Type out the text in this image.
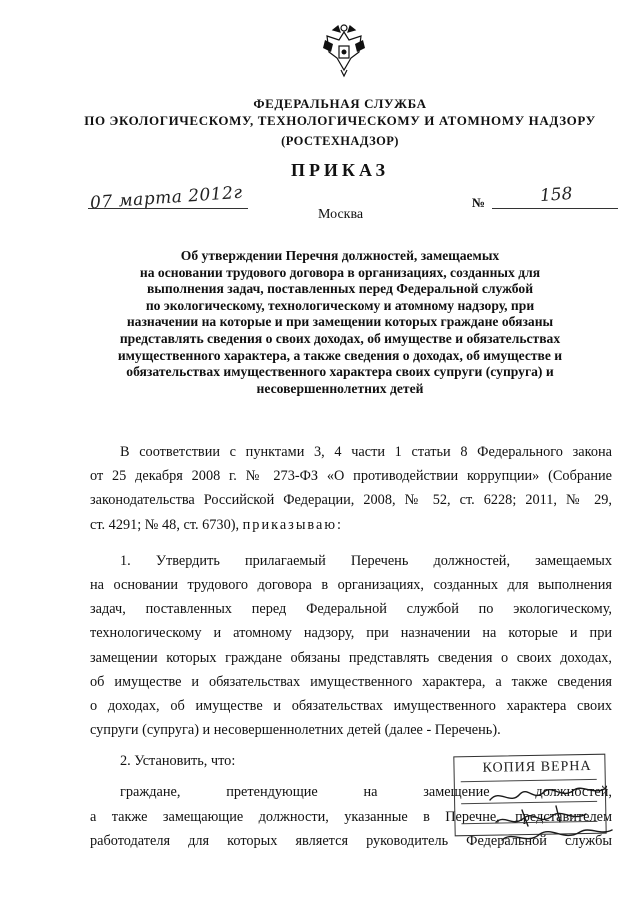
ФЕДЕРАЛЬНАЯ СЛУЖБА
ПО ЭКОЛОГИЧЕСКОМУ, ТЕХНОЛОГИЧЕСКОМУ И АТОМНОМУ НАДЗОРУ
(РОСТЕХНАДЗОР)
ПРИКАЗ
07 марта 2012г	№	158
Москва
Об утверждении Перечня должностей, замещаемых
на основании трудового договора в организациях, созданных для
выполнения задач, поставленных перед Федеральной службой
по экологическому, технологическому и атомному надзору, при
назначении на которые и при замещении которых граждане обязаны
представлять сведения о своих доходах, об имуществе и обязательствах
имущественного характера, а также сведения о доходах, об имуществе и
обязательствах имущественного характера своих супруги (супруга) и
несовершеннолетних детей
В соответствии с пунктами 3, 4 части 1 статьи 8 Федерального закона
от 25 декабря 2008 г. № 273-ФЗ «О противодействии коррупции» (Собрание
законодательства Российской Федерации, 2008, № 52, ст. 6228; 2011, № 29,
ст. 4291; № 48, ст. 6730), приказываю:
1. Утвердить прилагаемый Перечень должностей, замещаемых
на основании трудового договора в организациях, созданных для выполнения
задач, поставленных перед Федеральной службой по экологическому,
технологическому и атомному надзору, при назначении на которые и при
замещении которых граждане обязаны представлять сведения о своих доходах,
об имуществе и обязательствах имущественного характера, а также сведения
о доходах, об имуществе и обязательствах имущественного характера своих
супруги (супруга) и несовершеннолетних детей (далее - Перечень).
2. Установить, что:
граждане, претендующие на замещение должностей,
а также замещающие должности, указанные в Перечне, представителем
работодателя для которых является руководитель Федеральной службы
КОПИЯ ВЕРНА
